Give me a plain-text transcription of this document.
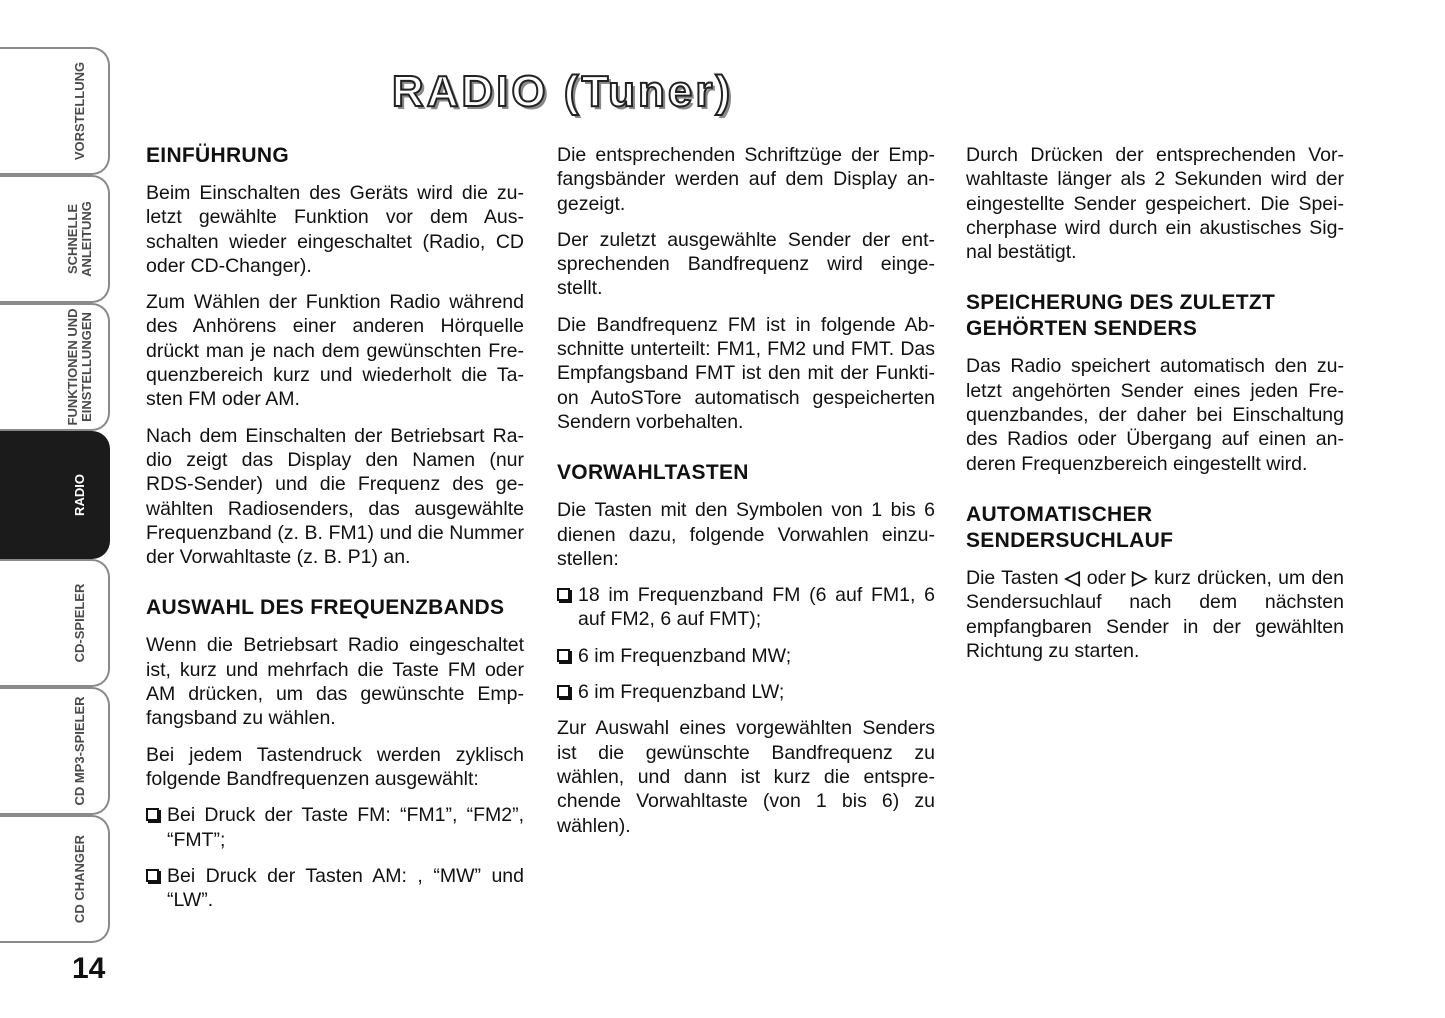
VORSTELLUNG
SCHNELLE
ANLEITUNG
FUNKTIONEN UND
EINSTELLUNGEN
RADIO
CD-SPIELER
CD MP3-SPIELER
CD CHANGER
14
RADIO (Tuner)
EINFÜHRUNG

Beim Einschalten des Geräts wird die zuletzt gewählte Funktion vor dem Ausschalten wieder eingeschaltet (Radio, CD oder CD-Changer).

Zum Wählen der Funktion Radio während des Anhörens einer anderen Hörquelle drückt man je nach dem gewünschten Frequenzbereich kurz und wiederholt die Tasten FM oder AM.

Nach dem Einschalten der Betriebsart Radio zeigt das Display den Namen (nur RDS-Sender) und die Frequenz des gewählten Radiosenders, das ausgewählte Frequenzband (z. B. FM1) und die Nummer der Vorwahltaste (z. B. P1) an.

AUSWAHL DES FREQUENZBANDS

Wenn die Betriebsart Radio eingeschaltet ist, kurz und mehrfach die Taste FM oder AM drücken, um das gewünschte Empfangsband zu wählen.

Bei jedem Tastendruck werden zyklisch folgende Bandfrequenzen ausgewählt:

Bei Druck der Taste FM: “FM1”, “FM2”, “FMT”;
Bei Druck der Tasten AM: , “MW” und “LW”.

Die entsprechenden Schriftzüge der Empfangsbänder werden auf dem Display angezeigt.

Der zuletzt ausgewählte Sender der entsprechenden Bandfrequenz wird eingestellt.

Die Bandfrequenz FM ist in folgende Abschnitte unterteilt: FM1, FM2 und FMT. Das Empfangsband FMT ist den mit der Funktion AutoSTore automatisch gespeicherten Sendern vorbehalten.

VORWAHLTASTEN

Die Tasten mit den Symbolen von 1 bis 6 dienen dazu, folgende Vorwahlen einzustellen:

18 im Frequenzband FM (6 auf FM1, 6 auf FM2, 6 auf FMT);
6 im Frequenzband MW;
6 im Frequenzband LW;

Zur Auswahl eines vorgewählten Senders ist die gewünschte Bandfrequenz zu wählen, und dann ist kurz die entsprechende Vorwahltaste (von 1 bis 6) zu wählen).

Durch Drücken der entsprechenden Vorwahltaste länger als 2 Sekunden wird der eingestellte Sender gespeichert. Die Speicherphase wird durch ein akustisches Signal bestätigt.

SPEICHERUNG DES ZULETZT GEHÖRTEN SENDERS

Das Radio speichert automatisch den zuletzt angehörten Sender eines jeden Frequenzbandes, der daher bei Einschaltung des Radios oder Übergang auf einen anderen Frequenzbereich eingestellt wird.

AUTOMATISCHER SENDERSUCHLAUF

Die Tasten ◁ oder ▷ kurz drücken, um den Sendersuchlauf nach dem nächsten empfangbaren Sender in der gewählten Richtung zu starten.
